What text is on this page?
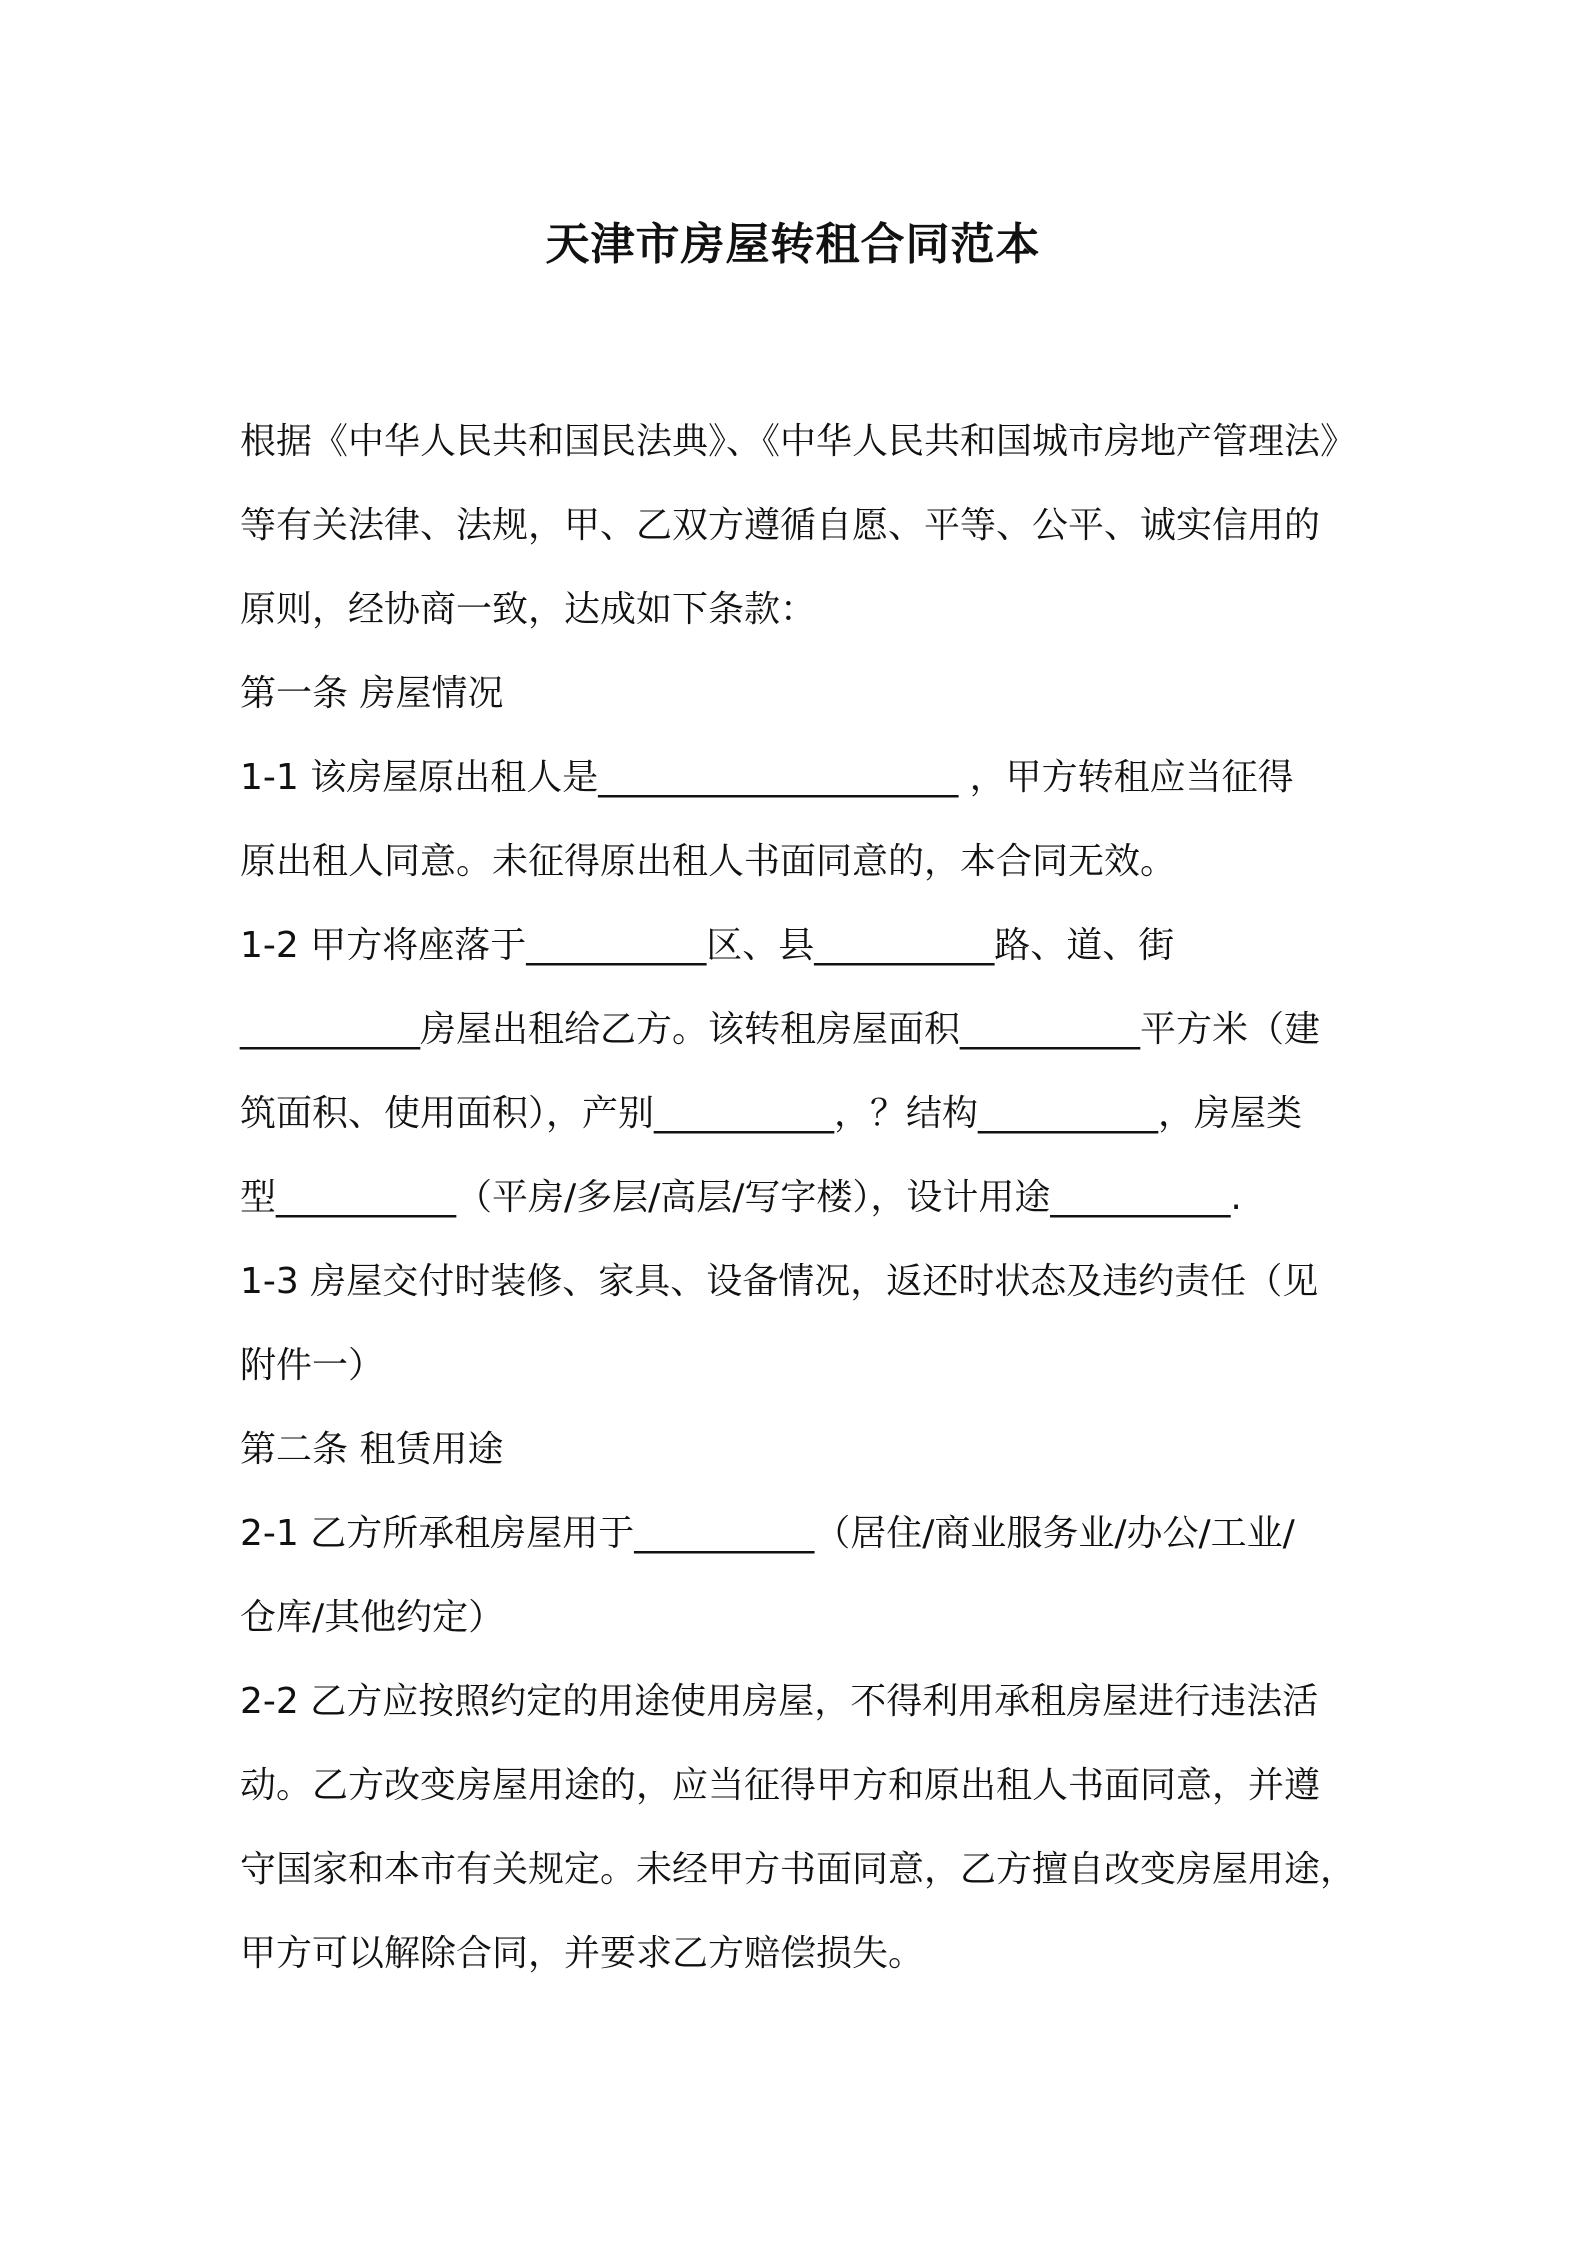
天津市房屋转租合同范本
根据《中华人民共和国民法典》、《中华人民共和国城市房地产管理法》
等有关法律、法规，甲、乙双方遵循自愿、平等、公平、诚实信用的
原则，经协商一致，达成如下条款：
第一条 房屋情况
1-1 该房屋原出租人是____________________ ，甲方转租应当征得
原出租人同意。未征得原出租人书面同意的，本合同无效。
1-2 甲方将座落于__________区、县__________路、道、街
__________房屋出租给乙方。该转租房屋面积__________平方米（建
筑面积、使用面积），产别__________，？结构__________，房屋类
型__________（平房/多层/高层/写字楼），设计用途__________.
1-3 房屋交付时装修、家具、设备情况，返还时状态及违约责任（见
附件一）
第二条 租赁用途
2-1 乙方所承租房屋用于__________（居住/商业服务业/办公/工业/
仓库/其他约定）
2-2 乙方应按照约定的用途使用房屋，不得利用承租房屋进行违法活
动。乙方改变房屋用途的，应当征得甲方和原出租人书面同意，并遵
守国家和本市有关规定。未经甲方书面同意，乙方擅自改变房屋用途，
甲方可以解除合同，并要求乙方赔偿损失。
